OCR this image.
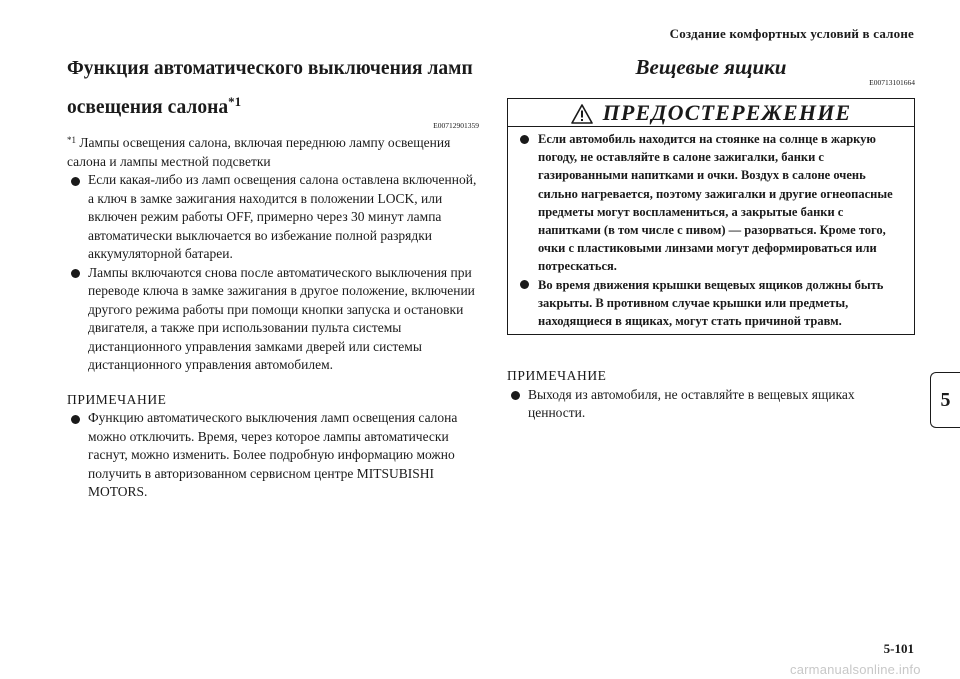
Создание комфортных условий в салоне
Функция автоматического выключения ламп освещения салона$^{*1}$
E00712901359
$^{*1}$ Лампы освещения салона, включая переднюю лампу освещения салона и лампы местной подсветки
Если какая-либо из ламп освещения салона оставлена включенной, а ключ в замке зажигания находится в положении LOCK, или включен режим работы OFF, примерно через 30 минут лампа автоматически выключается во избежание полной разрядки аккумуляторной батареи.
Лампы включаются снова после автоматического выключения при переводе ключа в замке зажигания в другое положение, включении другого режима работы при помощи кнопки запуска и остановки двигателя, а также при использовании пульта системы дистанционного управления замками дверей или системы дистанционного управления автомобилем.
ПРИМЕЧАНИЕ
Функцию автоматического выключения ламп освещения салона можно отключить. Время, через которое лампы автоматически гаснут, можно изменить. Более подробную информацию можно получить в авторизованном сервисном центре MITSUBISHI MOTORS.
Вещевые ящики
E00713101664
ПРЕДОСТЕРЕЖЕНИЕ
Если автомобиль находится на стоянке на солнце в жаркую погоду, не оставляйте в салоне зажигалки, банки с газированными напитками и очки. Воздух в салоне очень сильно нагревается, поэтому зажигалки и другие огнеопасные предметы могут воспламениться, а закрытые банки с напитками (в том числе с пивом) — разорваться. Кроме того, очки с пластиковыми линзами могут деформироваться или потрескаться.
Во время движения крышки вещевых ящиков должны быть закрыты. В противном случае крышки или предметы, находящиеся в ящиках, могут стать причиной травм.
ПРИМЕЧАНИЕ
Выходя из автомобиля, не оставляйте в вещевых ящиках ценности.
5
5-101
carmanualsonline.info
